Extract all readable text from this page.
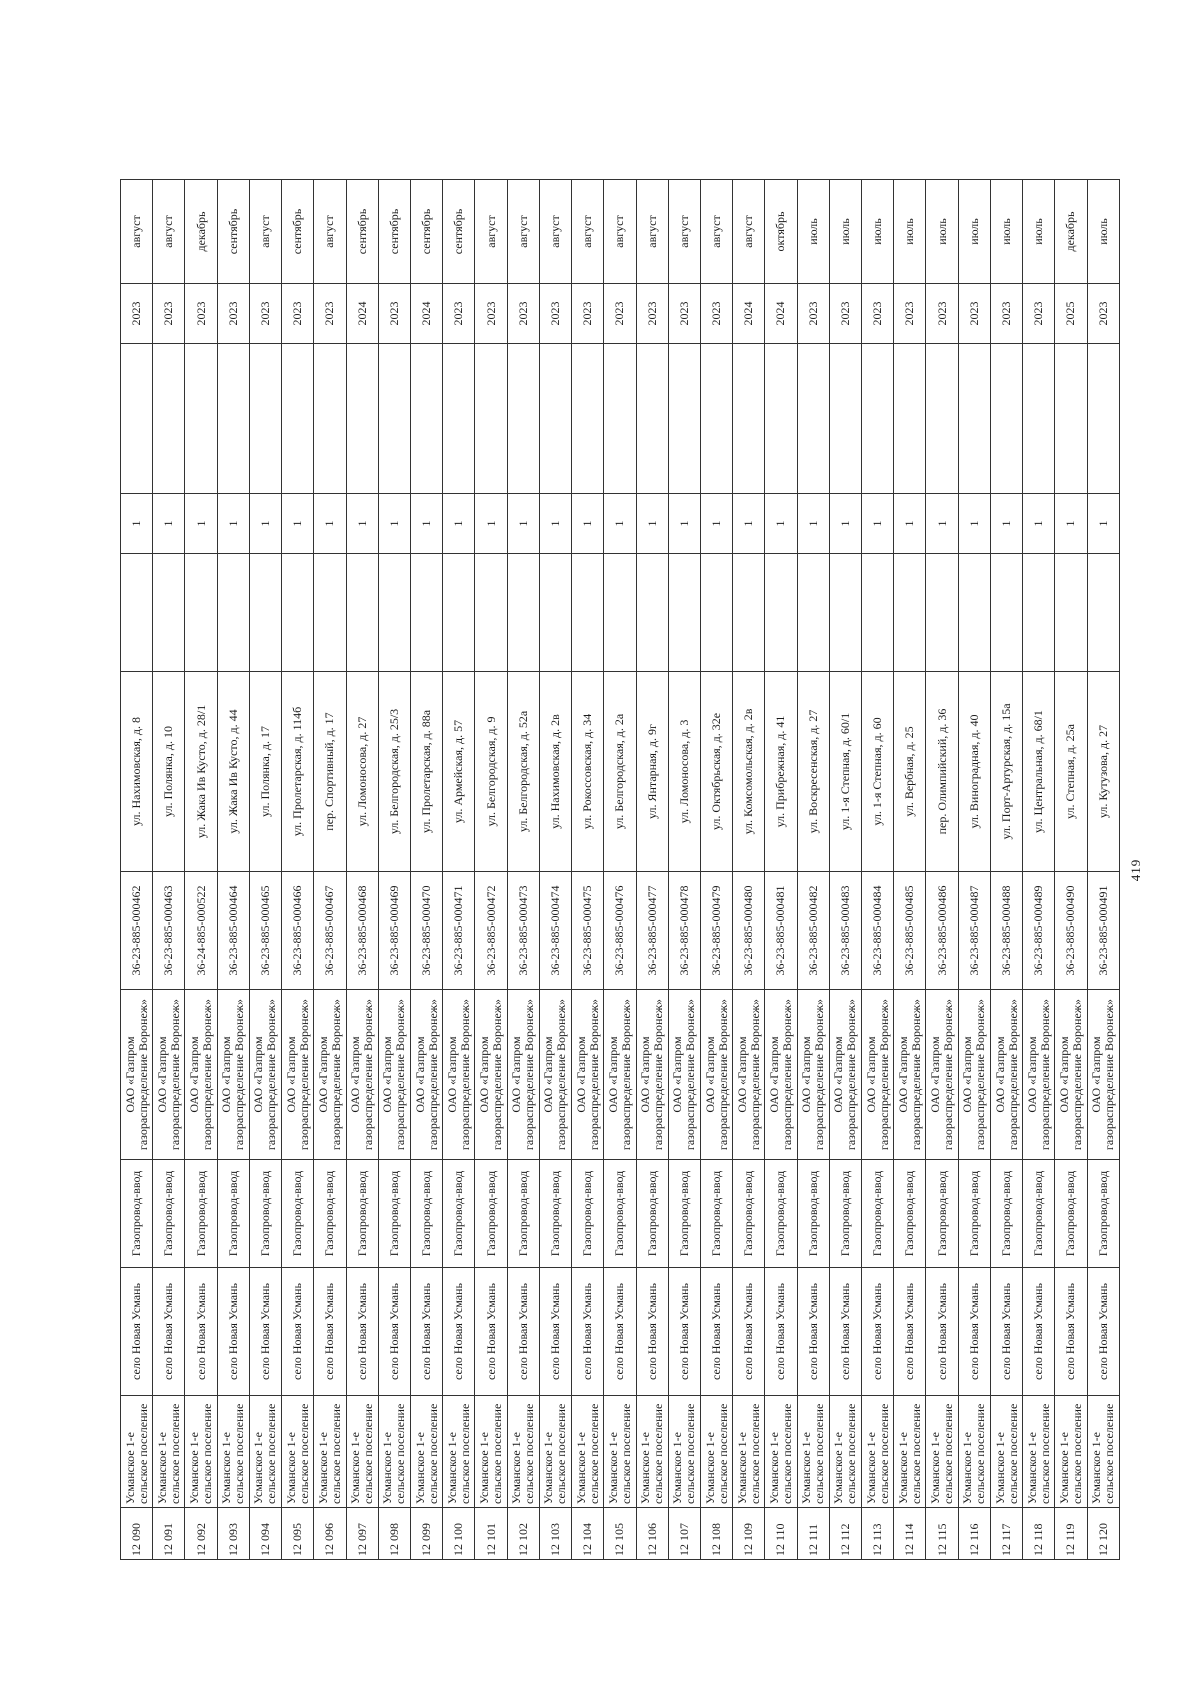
12 090	Усманское 1-е сельское поселение	село Новая Усмань	Газопровод-ввод	ОАО «Газпром газораспределение Воронеж»	36-23-885-000462	ул. Нахимовская, д. 8		1		2023	август
12 091	Усманское 1-е сельское поселение	село Новая Усмань	Газопровод-ввод	ОАО «Газпром газораспределение Воронеж»	36-23-885-000463	ул. Полянка, д. 10		1		2023	август
12 092	Усманское 1-е сельское поселение	село Новая Усмань	Газопровод-ввод	ОАО «Газпром газораспределение Воронеж»	36-24-885-000522	ул. Жака Ив Кусто, д. 28/1		1		2023	декабрь
12 093	Усманское 1-е сельское поселение	село Новая Усмань	Газопровод-ввод	ОАО «Газпром газораспределение Воронеж»	36-23-885-000464	ул. Жака Ив Кусто, д. 44		1		2023	сентябрь
12 094	Усманское 1-е сельское поселение	село Новая Усмань	Газопровод-ввод	ОАО «Газпром газораспределение Воронеж»	36-23-885-000465	ул. Полянка, д. 17		1		2023	август
12 095	Усманское 1-е сельское поселение	село Новая Усмань	Газопровод-ввод	ОАО «Газпром газораспределение Воронеж»	36-23-885-000466	ул. Пролетарская, д. 114б		1		2023	сентябрь
12 096	Усманское 1-е сельское поселение	село Новая Усмань	Газопровод-ввод	ОАО «Газпром газораспределение Воронеж»	36-23-885-000467	пер. Спортивный, д. 17		1		2023	август
12 097	Усманское 1-е сельское поселение	село Новая Усмань	Газопровод-ввод	ОАО «Газпром газораспределение Воронеж»	36-23-885-000468	ул. Ломоносова, д. 27		1		2024	сентябрь
12 098	Усманское 1-е сельское поселение	село Новая Усмань	Газопровод-ввод	ОАО «Газпром газораспределение Воронеж»	36-23-885-000469	ул. Белгородская, д. 25/3		1		2023	сентябрь
12 099	Усманское 1-е сельское поселение	село Новая Усмань	Газопровод-ввод	ОАО «Газпром газораспределение Воронеж»	36-23-885-000470	ул. Пролетарская, д. 88а		1		2024	сентябрь
12 100	Усманское 1-е сельское поселение	село Новая Усмань	Газопровод-ввод	ОАО «Газпром газораспределение Воронеж»	36-23-885-000471	ул. Армейская, д. 57		1		2023	сентябрь
12 101	Усманское 1-е сельское поселение	село Новая Усмань	Газопровод-ввод	ОАО «Газпром газораспределение Воронеж»	36-23-885-000472	ул. Белгородская, д. 9		1		2023	август
12 102	Усманское 1-е сельское поселение	село Новая Усмань	Газопровод-ввод	ОАО «Газпром газораспределение Воронеж»	36-23-885-000473	ул. Белгородская, д. 52а		1		2023	август
12 103	Усманское 1-е сельское поселение	село Новая Усмань	Газопровод-ввод	ОАО «Газпром газораспределение Воронеж»	36-23-885-000474	ул. Нахимовская, д. 2в		1		2023	август
12 104	Усманское 1-е сельское поселение	село Новая Усмань	Газопровод-ввод	ОАО «Газпром газораспределение Воронеж»	36-23-885-000475	ул. Рокоссовская, д. 34		1		2023	август
12 105	Усманское 1-е сельское поселение	село Новая Усмань	Газопровод-ввод	ОАО «Газпром газораспределение Воронеж»	36-23-885-000476	ул. Белгородская, д. 2а		1		2023	август
12 106	Усманское 1-е сельское поселение	село Новая Усмань	Газопровод-ввод	ОАО «Газпром газораспределение Воронеж»	36-23-885-000477	ул. Янтарная, д. 9г		1		2023	август
12 107	Усманское 1-е сельское поселение	село Новая Усмань	Газопровод-ввод	ОАО «Газпром газораспределение Воронеж»	36-23-885-000478	ул. Ломоносова, д. 3		1		2023	август
12 108	Усманское 1-е сельское поселение	село Новая Усмань	Газопровод-ввод	ОАО «Газпром газораспределение Воронеж»	36-23-885-000479	ул. Октябрьская, д. 32е		1		2023	август
12 109	Усманское 1-е сельское поселение	село Новая Усмань	Газопровод-ввод	ОАО «Газпром газораспределение Воронеж»	36-23-885-000480	ул. Комсомольская, д. 2в		1		2024	август
12 110	Усманское 1-е сельское поселение	село Новая Усмань	Газопровод-ввод	ОАО «Газпром газораспределение Воронеж»	36-23-885-000481	ул. Прибрежная, д. 41		1		2024	октябрь
12 111	Усманское 1-е сельское поселение	село Новая Усмань	Газопровод-ввод	ОАО «Газпром газораспределение Воронеж»	36-23-885-000482	ул. Воскресенская, д. 27		1		2023	июль
12 112	Усманское 1-е сельское поселение	село Новая Усмань	Газопровод-ввод	ОАО «Газпром газораспределение Воронеж»	36-23-885-000483	ул. 1-я Степная, д. 60/1		1		2023	июль
12 113	Усманское 1-е сельское поселение	село Новая Усмань	Газопровод-ввод	ОАО «Газпром газораспределение Воронеж»	36-23-885-000484	ул. 1-я Степная, д. 60		1		2023	июль
12 114	Усманское 1-е сельское поселение	село Новая Усмань	Газопровод-ввод	ОАО «Газпром газораспределение Воронеж»	36-23-885-000485	ул. Вербная, д. 25		1		2023	июль
12 115	Усманское 1-е сельское поселение	село Новая Усмань	Газопровод-ввод	ОАО «Газпром газораспределение Воронеж»	36-23-885-000486	пер. Олимпийский, д. 36		1		2023	июль
12 116	Усманское 1-е сельское поселение	село Новая Усмань	Газопровод-ввод	ОАО «Газпром газораспределение Воронеж»	36-23-885-000487	ул. Виноградная, д. 40		1		2023	июль
12 117	Усманское 1-е сельское поселение	село Новая Усмань	Газопровод-ввод	ОАО «Газпром газораспределение Воронеж»	36-23-885-000488	ул. Порт-Артурская, д. 15а		1		2023	июль
12 118	Усманское 1-е сельское поселение	село Новая Усмань	Газопровод-ввод	ОАО «Газпром газораспределение Воронеж»	36-23-885-000489	ул. Центральная, д. 68/1		1		2023	июль
12 119	Усманское 1-е сельское поселение	село Новая Усмань	Газопровод-ввод	ОАО «Газпром газораспределение Воронеж»	36-23-885-000490	ул. Степная, д. 25а		1		2025	декабрь
12 120	Усманское 1-е сельское поселение	село Новая Усмань	Газопровод-ввод	ОАО «Газпром газораспределение Воронеж»	36-23-885-000491	ул. Кутузова, д. 27		1		2023	июль
419
